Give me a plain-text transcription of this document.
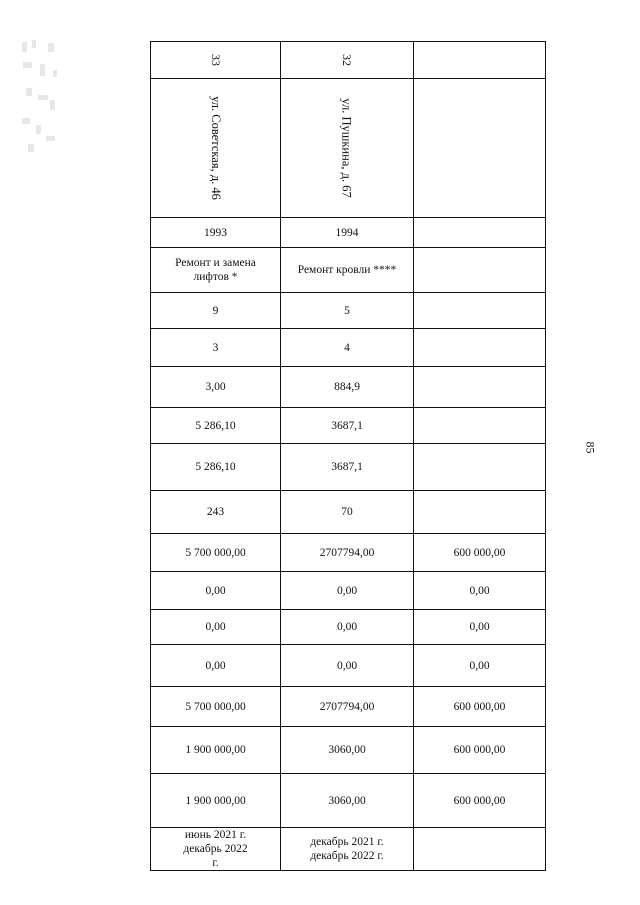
33	32	
ул. Советская, д. 46	ул. Пушкина, д. 67	
1993	1994	
Ремонт и замена лифтов *	Ремонт кровли ****	
9	5	
3	4	
3,00	884,9	
5 286,10	3687,1	
5 286,10	3687,1	
243	70	
5 700 000,00	2707794,00	600 000,00
0,00	0,00	0,00
0,00	0,00	0,00
0,00	0,00	0,00
5 700 000,00	2707794,00	600 000,00
1 900 000,00	3060,00	600 000,00
1 900 000,00	3060,00	600 000,00
июнь 2021 г. декабрь 2022 г.	декабрь 2021 г. декабрь 2022 г.	
85
